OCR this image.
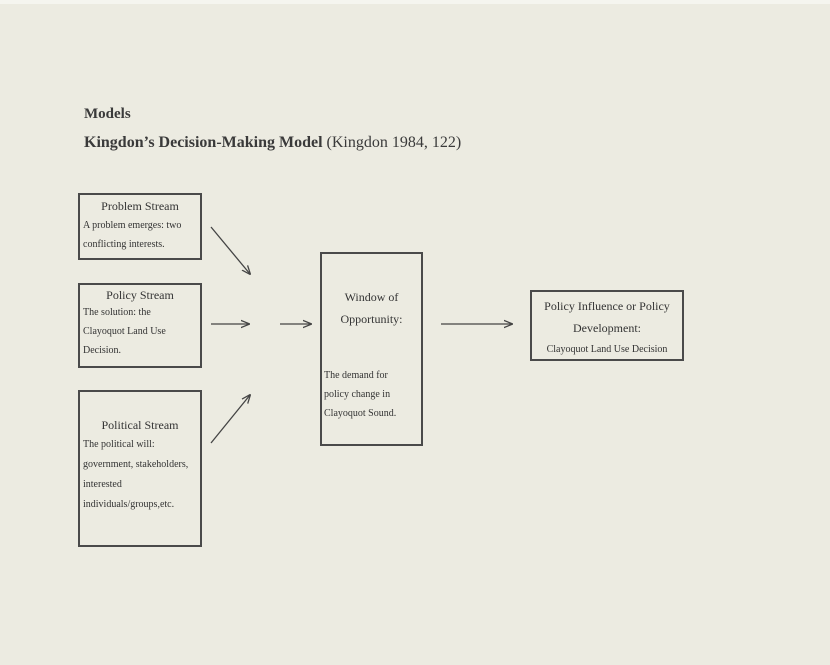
Models
Kingdon’s Decision-Making Model (Kingdon 1984, 122)
Problem Stream
A problem emerges: two
conflicting interests.
Policy Stream
The solution: the
Clayoquot Land Use
Decision.
Political Stream
The political will:
government, stakeholders,
interested
individuals/groups,etc.
Window of
Opportunity:
The demand for
policy change in
Clayoquot Sound.
Policy Influence or Policy
Development:
Clayoquot Land Use Decision
